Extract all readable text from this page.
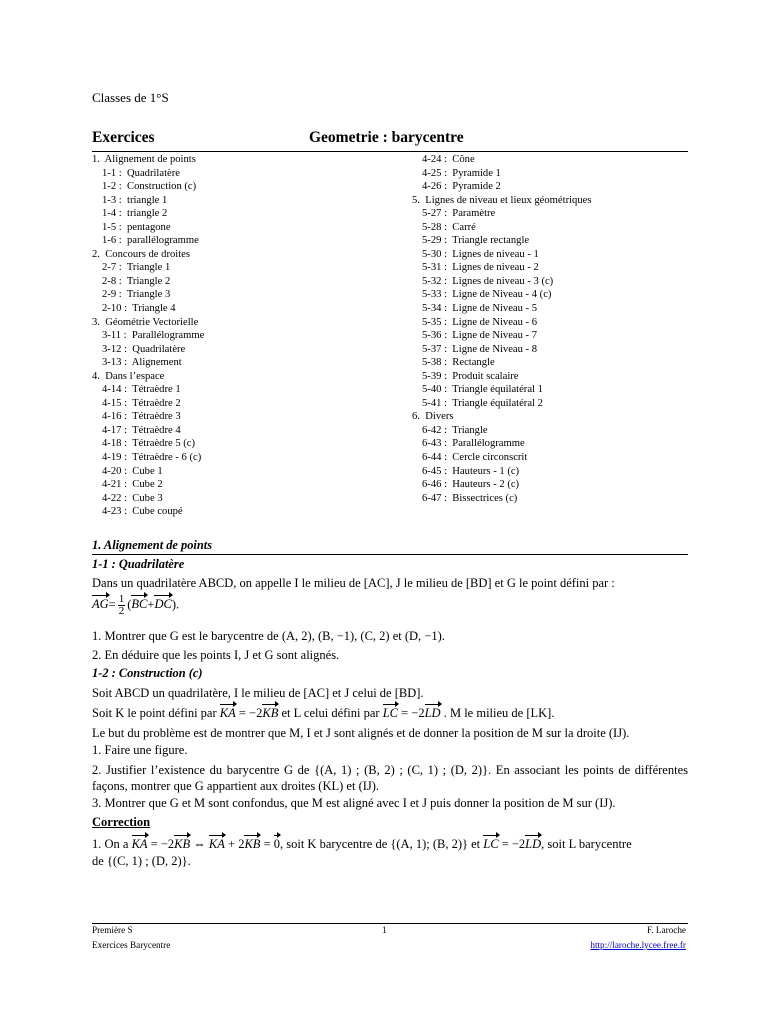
Classes de 1°S
Exercices	Geometrie : barycentre
1.  Alignement de points
1-1 :  Quadrilatère
1-2 :  Construction (c)
1-3 :  triangle 1
1-4 :  triangle 2
1-5 :  pentagone
1-6 :  parallélogramme
2.  Concours de droites
2-7 :  Triangle 1
2-8 :  Triangle 2
2-9 :  Triangle 3
2-10 :  Triangle 4
3.  Géométrie Vectorielle
3-11 :  Parallélogramme
3-12 :  Quadrilatère
3-13 :  Alignement
4.  Dans l’espace
4-14 :  Tétraèdre 1
4-15 :  Tétraèdre 2
4-16 :  Tétraèdre 3
4-17 :  Tétraèdre 4
4-18 :  Tétraèdre 5 (c)
4-19 :  Tétraèdre - 6 (c)
4-20 :  Cube 1
4-21 :  Cube 2
4-22 :  Cube 3
4-23 :  Cube coupé
4-24 :  Cône
4-25 :  Pyramide 1
4-26 :  Pyramide 2
5.  Lignes de niveau et lieux géométriques
5-27 :  Paramètre
5-28 :  Carré
5-29 :  Triangle rectangle
5-30 :  Lignes de niveau - 1
5-31 :  Lignes de niveau - 2
5-32 :  Lignes de niveau - 3 (c)
5-33 :  Ligne de Niveau - 4 (c)
5-34 :  Ligne de Niveau - 5
5-35 :  Ligne de Niveau - 6
5-36 :  Ligne de Niveau - 7
5-37 :  Ligne de Niveau - 8
5-38 :  Rectangle
5-39 :  Produit scalaire
5-40 :  Triangle équilatéral 1
5-41 :  Triangle équilatéral 2
6.  Divers
6-42 :  Triangle
6-43 :  Parallélogramme
6-44 :  Cercle circonscrit
6-45 :  Hauteurs - 1 (c)
6-46 :  Hauteurs - 2 (c)
6-47 :  Bissectrices (c)
1. Alignement de points
1-1 : Quadrilatère
Dans un quadrilatère ABCD, on appelle I le milieu de [AC], J le milieu de [BD] et G le point défini par :
$AG= \frac{1}{2} (BC+DC)$.
1. Montrer que G est le barycentre de (A, 2), (B, −1), (C, 2) et (D, −1).
2. En déduire que les points I, J et G sont alignés.
1-2 : Construction (c)
Soit ABCD un quadrilatère, I le milieu de [AC] et J celui de [BD].
Soit K le point défini par KA = −2KB et L celui défini par LC = −2LD . M le milieu de [LK].
Le but du problème est de montrer que M, I et J sont alignés et de donner la position de M sur la droite (IJ).
1. Faire une figure.
2. Justifier l’existence du barycentre G de {(A, 1) ; (B, 2) ; (C, 1) ; (D, 2)}. En associant les points de différentes façons, montrer que G appartient aux droites (KL) et (IJ).
3. Montrer que G et M sont confondus, que M est aligné avec I et J puis donner la position de M sur (IJ).
Correction
1. On a KA = −2KB ⇔ KA + 2KB = 0, soit K barycentre de {(A, 1); (B, 2)} et LC = −2LD, soit L barycentre
de {(C, 1) ; (D, 2)}.
Première S
Exercices Barycentre
1	F. Laroche
http://laroche.lycee.free.fr
